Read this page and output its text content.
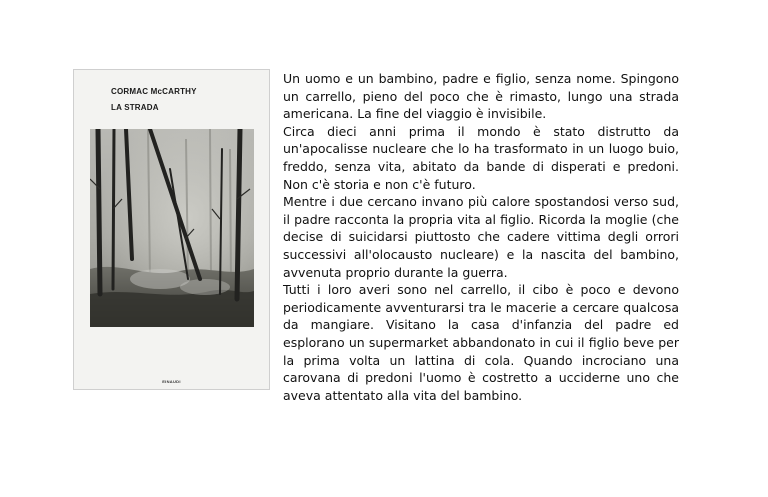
CORMAC McCARTHY
LA STRADA
EINAUDI

Un uomo e un bambino, padre e figlio, senza nome. Spingono un carrello, pieno del poco che è rimasto, lungo una strada americana. La fine del viaggio è invisibile.

Circa dieci anni prima il mondo è stato distrutto da un'apocalisse nucleare che lo ha trasformato in un luogo buio, freddo, senza vita, abitato da bande di disperati e predoni. Non c'è storia e non c'è futuro.

Mentre i due cercano invano più calore spostandosi verso sud, il padre racconta la propria vita al figlio. Ricorda la moglie (che decise di suicidarsi piuttosto che cadere vittima degli orrori successivi all'olocausto nucleare) e la nascita del bambino, avvenuta proprio durante la guerra.

Tutti i loro averi sono nel carrello, il cibo è poco e devono periodicamente avventurarsi tra le macerie a cercare qualcosa da mangiare. Visitano la casa d'infanzia del padre ed esplorano un supermarket abbandonato in cui il figlio beve per la prima volta un lattina di cola. Quando incrociano una carovana di predoni l'uomo è costretto a ucciderne uno che aveva attentato alla vita del bambino.
